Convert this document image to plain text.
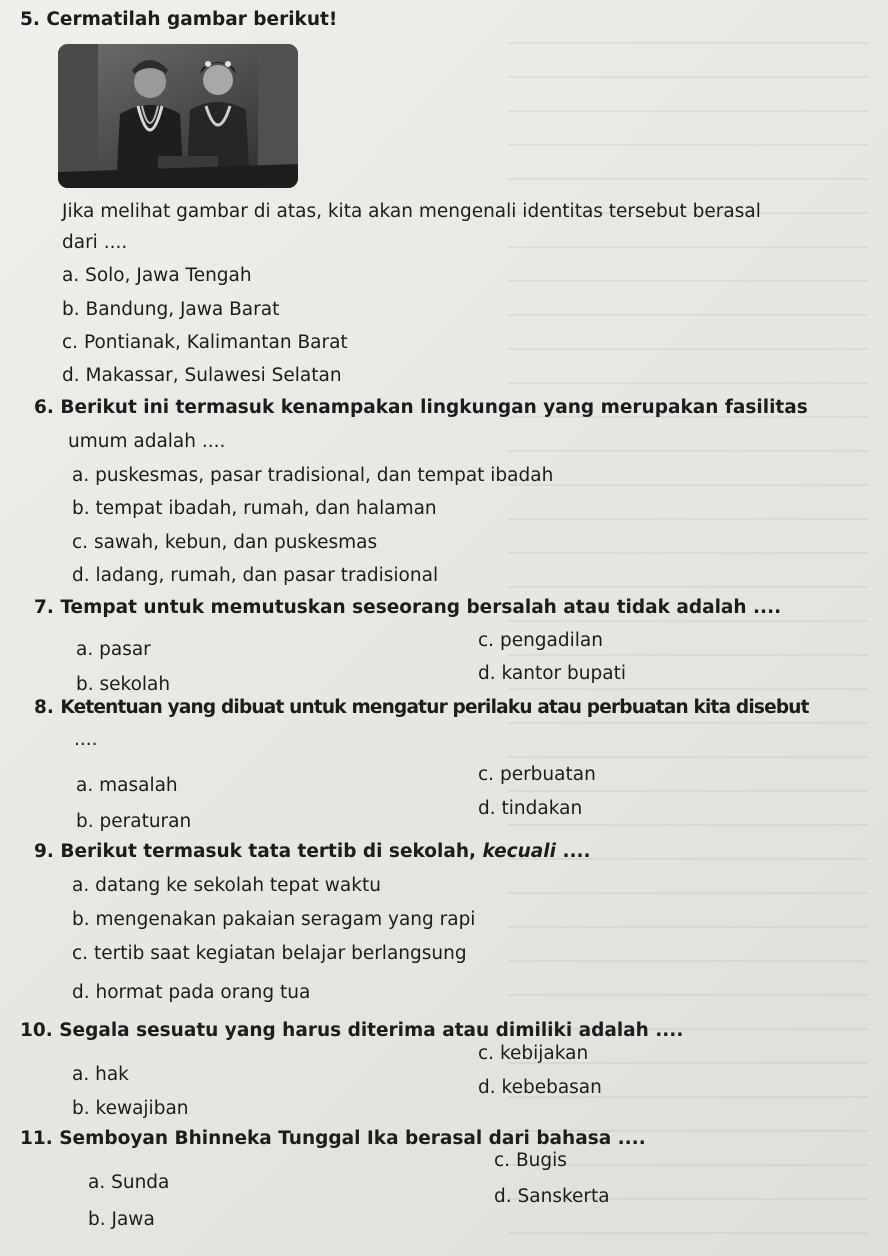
5. Cermatilah gambar berikut!
Jika melihat gambar di atas, kita akan mengenali identitas tersebut berasal
dari ....
a. Solo, Jawa Tengah
b. Bandung, Jawa Barat
c. Pontianak, Kalimantan Barat
d. Makassar, Sulawesi Selatan
6. Berikut ini termasuk kenampakan lingkungan yang merupakan fasilitas
umum adalah ....
a. puskesmas, pasar tradisional, dan tempat ibadah
b. tempat ibadah, rumah, dan halaman
c. sawah, kebun, dan puskesmas
d. ladang, rumah, dan pasar tradisional
7. Tempat untuk memutuskan seseorang bersalah atau tidak adalah ....
a. pasar	c. pengadilan
b. sekolah
d. kantor bupati
8. Ketentuan yang dibuat untuk mengatur perilaku atau perbuatan kita disebut
....
a. masalah
c. perbuatan
b. peraturan
d. tindakan
9. Berikut termasuk tata tertib di sekolah, kecuali ....
a. datang ke sekolah tepat waktu
b. mengenakan pakaian seragam yang rapi
c. tertib saat kegiatan belajar berlangsung
d. hormat pada orang tua
10. Segala sesuatu yang harus diterima atau dimiliki adalah ....
a. hak
c. kebijakan
b. kewajiban
d. kebebasan
11. Semboyan Bhinneka Tunggal Ika berasal dari bahasa ....
a. Sunda
c. Bugis
b. Jawa
d. Sanskerta
